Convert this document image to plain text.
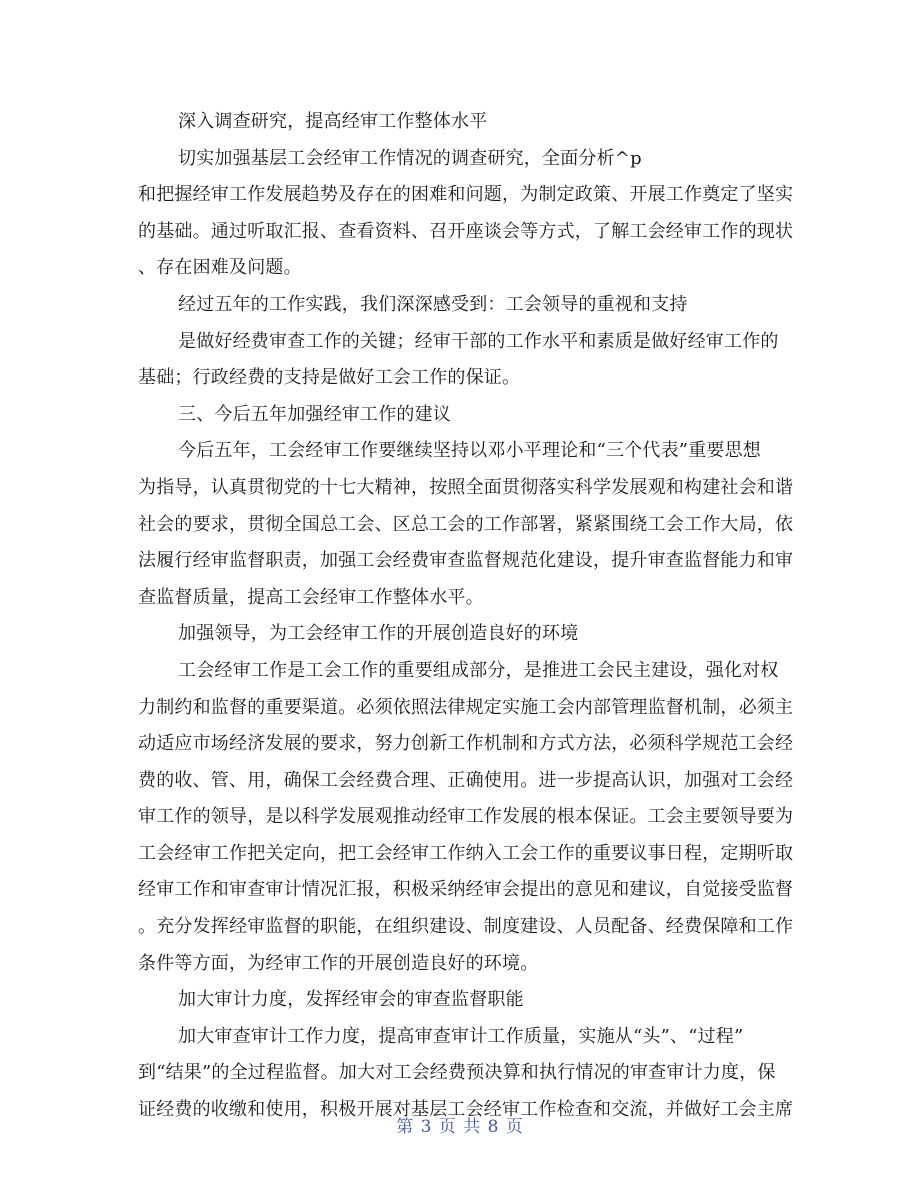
深入调查研究，提高经审工作整体水平
切实加强基层工会经审工作情况的调查研究，全面分析^p
和把握经审工作发展趋势及存在的困难和问题，为制定政策、开展工作奠定了坚实
的基础。通过听取汇报、查看资料、召开座谈会等方式，了解工会经审工作的现状
、存在困难及问题。
经过五年的工作实践，我们深深感受到：工会领导的重视和支持
是做好经费审查工作的关键；经审干部的工作水平和素质是做好经审工作的
基础；行政经费的支持是做好工会工作的保证。
三、今后五年加强经审工作的建议
今后五年，工会经审工作要继续坚持以邓小平理论和“三个代表”重要思想
为指导，认真贯彻党的十七大精神，按照全面贯彻落实科学发展观和构建社会和谐
社会的要求，贯彻全国总工会、区总工会的工作部署，紧紧围绕工会工作大局，依
法履行经审监督职责，加强工会经费审查监督规范化建设，提升审查监督能力和审
查监督质量，提高工会经审工作整体水平。
加强领导，为工会经审工作的开展创造良好的环境
工会经审工作是工会工作的重要组成部分，是推进工会民主建设，强化对权
力制约和监督的重要渠道。必须依照法律规定实施工会内部管理监督机制，必须主
动适应市场经济发展的要求，努力创新工作机制和方式方法，必须科学规范工会经
费的收、管、用，确保工会经费合理、正确使用。进一步提高认识，加强对工会经
审工作的领导，是以科学发展观推动经审工作发展的根本保证。工会主要领导要为
工会经审工作把关定向，把工会经审工作纳入工会工作的重要议事日程，定期听取
经审工作和审查审计情况汇报，积极采纳经审会提出的意见和建议，自觉接受监督
。充分发挥经审监督的职能，在组织建设、制度建设、人员配备、经费保障和工作
条件等方面，为经审工作的开展创造良好的环境。
加大审计力度，发挥经审会的审查监督职能
加大审查审计工作力度，提高审查审计工作质量，实施从“头”、“过程”
到“结果”的全过程监督。加大对工会经费预决算和执行情况的审查审计力度，保
证经费的收缴和使用，积极开展对基层工会经审工作检查和交流，并做好工会主席
第 3 页 共 8 页
